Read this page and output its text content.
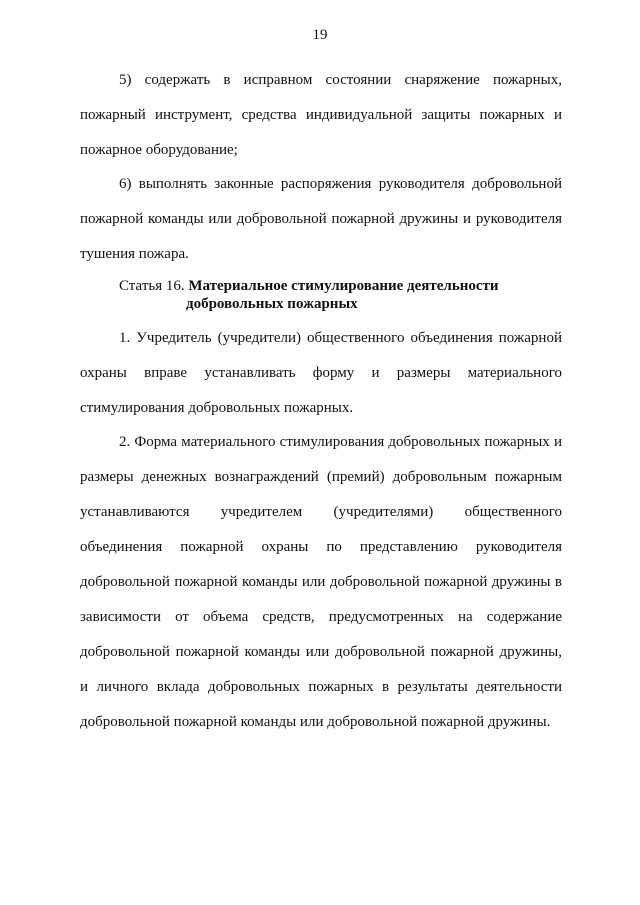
19
5) содержать в исправном состоянии снаряжение пожарных,
пожарный инструмент, средства индивидуальной защиты пожарных и
пожарное оборудование;
6) выполнять законные распоряжения руководителя добровольной
пожарной команды или добровольной пожарной дружины и руководителя
тушения пожара.
Статья 16. Материальное стимулирование деятельности
добровольных пожарных
1. Учредитель (учредители) общественного объединения пожарной
охраны вправе устанавливать форму и размеры материального
стимулирования добровольных пожарных.
2. Форма материального стимулирования добровольных пожарных и
размеры денежных вознаграждений (премий) добровольным пожарным
устанавливаются учредителем (учредителями) общественного
объединения пожарной охраны по представлению руководителя
добровольной пожарной команды или добровольной пожарной дружины в
зависимости от объема средств, предусмотренных на содержание
добровольной пожарной команды или добровольной пожарной дружины,
и личного вклада добровольных пожарных в результаты деятельности
добровольной пожарной команды или добровольной пожарной дружины.
